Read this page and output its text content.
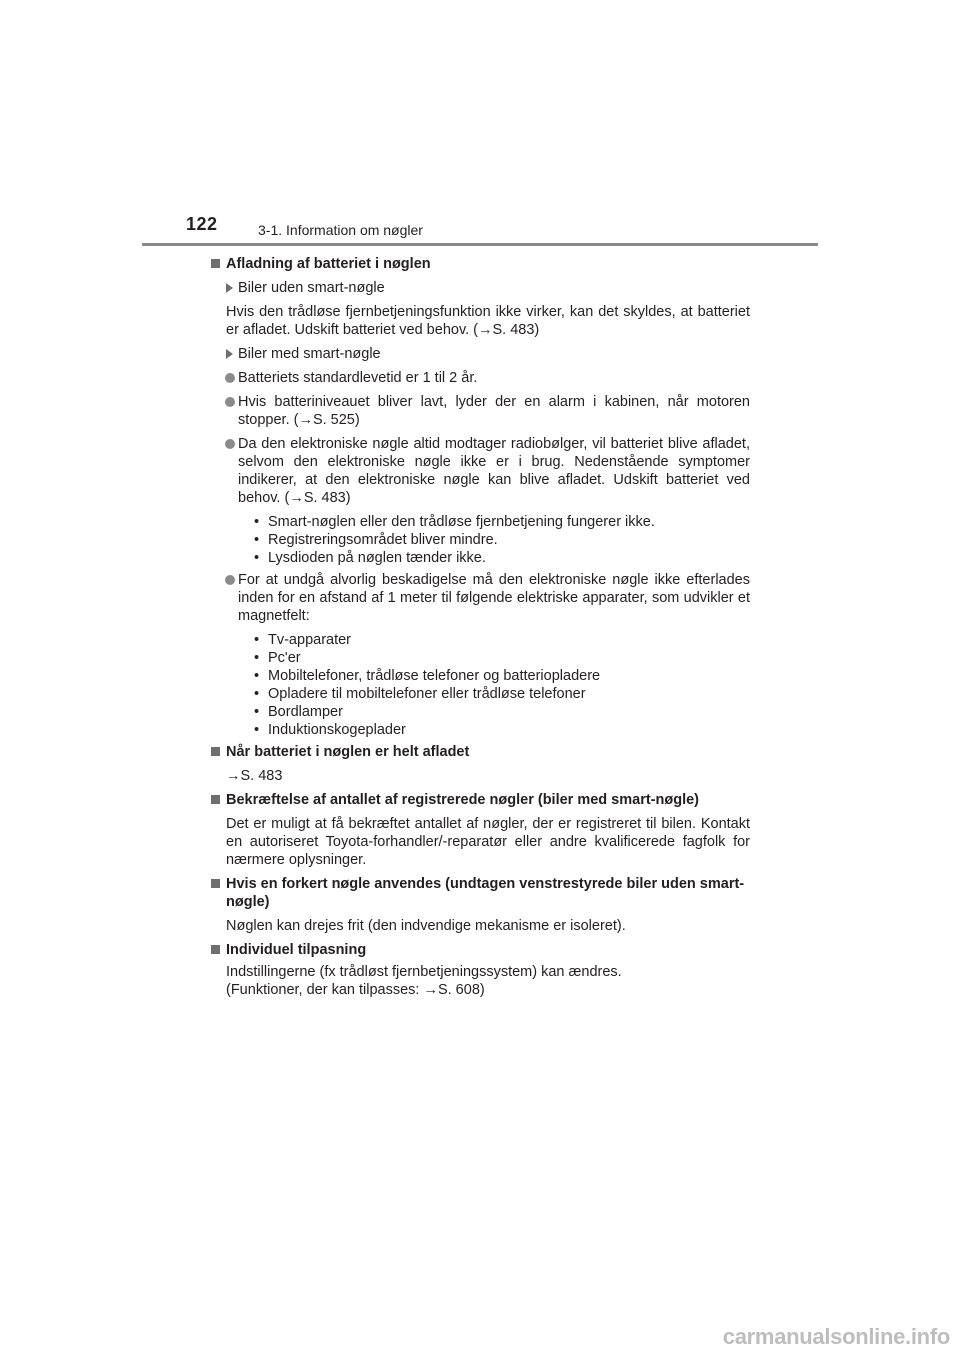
122	3-1. Information om nøgler
Afladning af batteriet i nøglen
Biler uden smart-nøgle
Hvis den trådløse fjernbetjeningsfunktion ikke virker, kan det skyldes, at batteriet er afladet. Udskift batteriet ved behov. (→S. 483)
Biler med smart-nøgle
Batteriets standardlevetid er 1 til 2 år.
Hvis batteriniveauet bliver lavt, lyder der en alarm i kabinen, når motoren stopper. (→S. 525)
Da den elektroniske nøgle altid modtager radiobølger, vil batteriet blive afladet, selvom den elektroniske nøgle ikke er i brug. Nedenstående symptomer indikerer, at den elektroniske nøgle kan blive afladet. Udskift batteriet ved behov. (→S. 483)
• Smart-nøglen eller den trådløse fjernbetjening fungerer ikke.
• Registreringsområdet bliver mindre.
• Lysdioden på nøglen tænder ikke.
For at undgå alvorlig beskadigelse må den elektroniske nøgle ikke efterlades inden for en afstand af 1 meter til følgende elektriske apparater, som udvikler et magnetfelt:
• Tv-apparater
• Pc'er
• Mobiltelefoner, trådløse telefoner og batteriopladere
• Opladere til mobiltelefoner eller trådløse telefoner
• Bordlamper
• Induktionskogeplader
Når batteriet i nøglen er helt afladet
→S. 483
Bekræftelse af antallet af registrerede nøgler (biler med smart-nøgle)
Det er muligt at få bekræftet antallet af nøgler, der er registreret til bilen. Kontakt en autoriseret Toyota-forhandler/-reparatør eller andre kvalificerede fagfolk for nærmere oplysninger.
Hvis en forkert nøgle anvendes (undtagen venstrestyrede biler uden smart-nøgle)
Nøglen kan drejes frit (den indvendige mekanisme er isoleret).
Individuel tilpasning
Indstillingerne (fx trådløst fjernbetjeningssystem) kan ændres.
(Funktioner, der kan tilpasses: →S. 608)
carmanualsonline.info
